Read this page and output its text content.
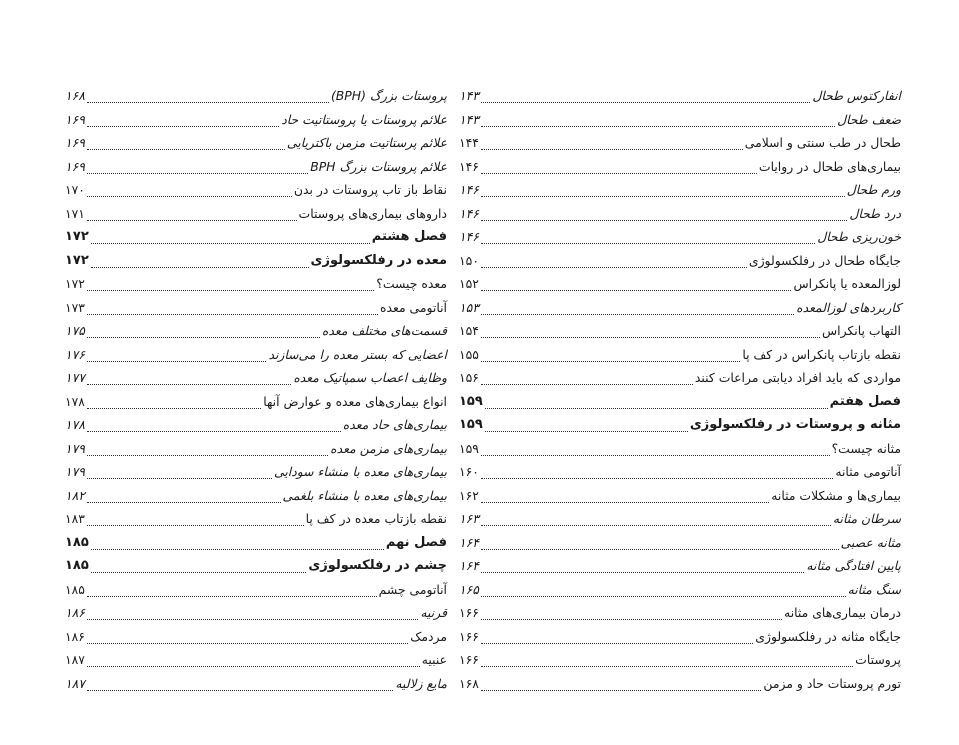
انفارکتوس طحال
۱۴۳
ضعف طحال
۱۴۳
طحال در طب سنتی و اسلامی
۱۴۴
بیماری‌های طحال در روایات
۱۴۶
ورم طحال
۱۴۶
درد طحال
۱۴۶
خون‌ریزی طحال
۱۴۶
جایگاه طحال در رفلکسولوژی
۱۵۰
لوزالمعده یا پانکراس
۱۵۲
کاربردهای لوزالمعده
۱۵۳
التهاب پانکراس
۱۵۴
نقطه بازتاب پانکراس در کف پا
۱۵۵
مواردی که باید افراد دیابتی مراعات کنند
۱۵۶
فصل هفتم
۱۵۹
مثانه و پروستات در رفلکسولوژی
۱۵۹
مثانه چیست؟
۱۵۹
آناتومی مثانه
۱۶۰
بیماری‌ها و مشکلات مثانه
۱۶۲
سرطان مثانه
۱۶۳
مثانه عصبی
۱۶۴
پایین افتادگی مثانه
۱۶۴
سنگ مثانه
۱۶۵
درمان بیماری‌های مثانه
۱۶۶
جایگاه مثانه در رفلکسولوژی
۱۶۶
پروستات
۱۶۶
تورم پروستات حاد و مزمن
۱۶۸
پروستات بزرگ (BPH)
۱۶۸
علائم پروستات یا پروستاتیت حاد
۱۶۹
علائم پرستاتیت مزمن باکتریایی
۱۶۹
علائم پروستات بزرگ BPH
۱۶۹
نقاط باز تاب پروستات در بدن
۱۷۰
داروهای بیماری‌های پروستات
۱۷۱
فصل هشتم
۱۷۲
معده در رفلکسولوژی
۱۷۲
معده چیست؟
۱۷۲
آناتومی معده
۱۷۳
قسمت‌های مختلف معده
۱۷۵
اعضایی که بستر معده را می‌سازند
۱۷۶
وظایف اعصاب سمپاتیک معده
۱۷۷
انواع بیماری‌های معده و عوارض آنها
۱۷۸
بیماری‌های حاد معده
۱۷۸
بیماری‌های مزمن معده
۱۷۹
بیماری‌های معده با منشاء سودایی
۱۷۹
بیماری‌های معده با منشاء بلغمی
۱۸۲
نقطه بازتاب معده در کف پا
۱۸۳
فصل نهم
۱۸۵
چشم در رفلکسولوژی
۱۸۵
آناتومی چشم
۱۸۵
قرنیه
۱۸۶
مردمک
۱۸۶
عنبیه
۱۸۷
مایع زلالیه
۱۸۷
